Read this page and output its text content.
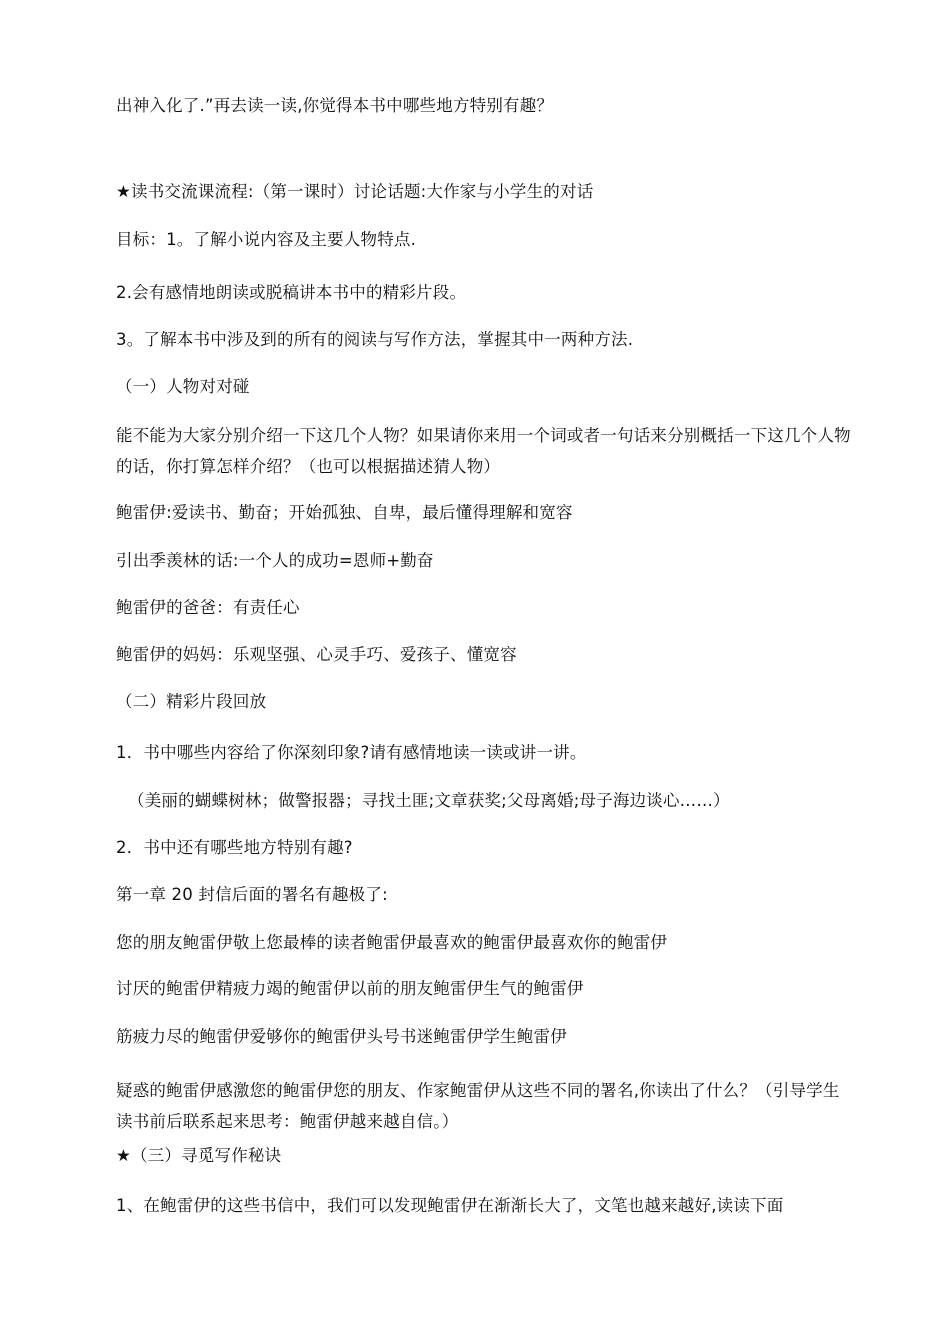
出神入化了.”再去读一读,你觉得本书中哪些地方特别有趣？
★读书交流课流程:（第一课时）讨论话题:大作家与小学生的对话
目标：1。了解小说内容及主要人物特点.
2.会有感情地朗读或脱稿讲本书中的精彩片段。
3。了解本书中涉及到的所有的阅读与写作方法，掌握其中一两种方法.
（一）人物对对碰
能不能为大家分别介绍一下这几个人物？如果请你来用一个词或者一句话来分别概括一下这几个人物的话，你打算怎样介绍？（也可以根据描述猜人物）
鲍雷伊:爱读书、勤奋；开始孤独、自卑，最后懂得理解和宽容
引出季羡林的话:一个人的成功=恩师+勤奋
鲍雷伊的爸爸：有责任心
鲍雷伊的妈妈：乐观坚强、心灵手巧、爱孩子、懂宽容
（二）精彩片段回放
1．书中哪些内容给了你深刻印象?请有感情地读一读或讲一讲。
（美丽的蝴蝶树林；做警报器；寻找土匪;文章获奖;父母离婚;母子海边谈心……）
2．书中还有哪些地方特别有趣?
第一章 20 封信后面的署名有趣极了:
您的朋友鲍雷伊敬上您最棒的读者鲍雷伊最喜欢的鲍雷伊最喜欢你的鲍雷伊
讨厌的鲍雷伊精疲力竭的鲍雷伊以前的朋友鲍雷伊生气的鲍雷伊
筋疲力尽的鲍雷伊爱够你的鲍雷伊头号书迷鲍雷伊学生鲍雷伊
疑惑的鲍雷伊感激您的鲍雷伊您的朋友、作家鲍雷伊从这些不同的署名,你读出了什么？（引导学生读书前后联系起来思考：鲍雷伊越来越自信。）
★（三）寻觅写作秘诀
1、在鲍雷伊的这些书信中，我们可以发现鲍雷伊在渐渐长大了，文笔也越来越好,读读下面
